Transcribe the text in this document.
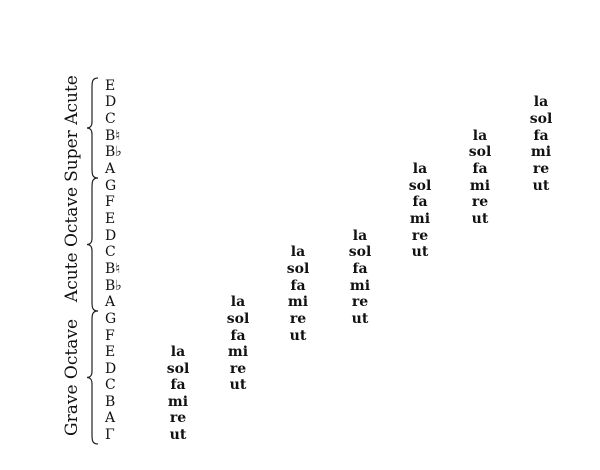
Grave Octave
Acute Octave
Super Acute
Γ
A
B
C
D
E
F
G
A
B♭
B♮
C
D
E
F
G
A
B♭
B♮
C
D
E
ut
re
mi
fa
sol
la
ut
re
mi
fa
sol
la
ut
re
mi
fa
sol
la
ut
re
mi
fa
sol
la
ut
re
mi
fa
sol
la
ut
re
mi
fa
sol
la
ut
re
mi
fa
sol
la
